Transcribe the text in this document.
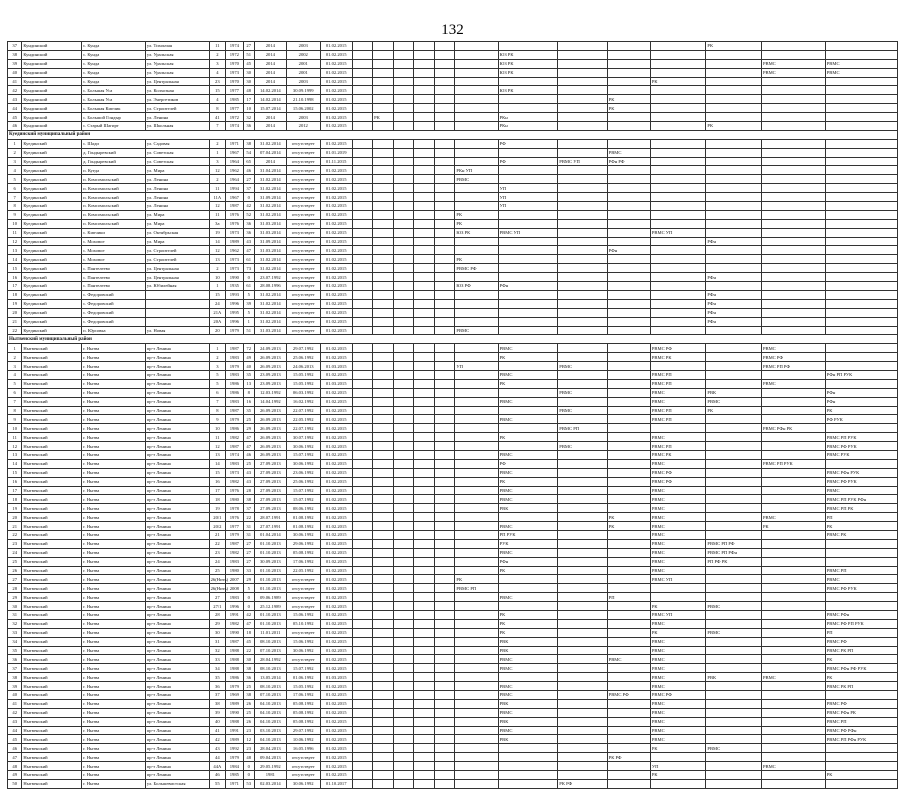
132
37	Кундинский	с. Кунда	ул. Тихончая	11	1974	27	2014	2003	01.02.2015											РК		
38	Кундинский	с. Кунда	ул. Уральская	2	1972	51	2014	2002	01.02.2015							ЮЗ РК						
39	Кундинский	с. Кунда	ул. Уральская	3	1970	45	2014	2001	01.02.2015							ЮЗ РК					РВМС	РВМС
40	Кундинский	с. Кунда	ул. Уральская	4	1973	30	2014	2001	01.02.2015							ЮЗ РК					РВМС	РВМС
41	Кундинский	с. Кунда	ул. Центральная	23	1970	30	2014	2003	01.02.2015										РК			
42	Кундинский	с. Большая Уса	ул. Колхозная	15	1977	48	14.02.2014	30.09.1999	01.02.2015							ЮЗ РК						
43	Кундинский	с. Большая Уса	ул. Энергетиков	4	1985	17	14.02.2014	21.10.1998	01.02.2015									РК				
44	Кундинский	с. Большая Кипчик	ул. Строителей	8	1977	10	15.07.2014	15.06.2002	01.02.2015									РК				
45	Кундинский	с. Большой Гондыр	ул. Ленина	41	1972	32	2014	2003	01.02.2015		РК					РКн						
46	Кундинский	с. Старый Шагирт	ул. Школьная	7	1974	36	2014	2012	01.02.2015							РКн				РК		
Куединский муниципальный район																						
1	Куединский	с. Шади	ул. Садовая	2	1971	38	31.02.2014	отсутствует	01.02.2015							РФ						
2	Куединский	д. Гондыревский	ул. Советская	1	1967	54	07.04.2014	отсутствует	01.01.2019									РВМС				
3	Куединский	д. Гондыревский	ул. Советская	3	1964	65	2014	отсутствует	01.11.2015							РФ	РВМС УП	РФн РФ				
4	Куединский	п. Куеда	ул. Мира	12	1962	46	31.04.2014	отсутствует	01.02.2015						РКн УП							
5	Куединский	п. Комсомольский	ул. Ленина	2	1964	27	31.02.2014	отсутствует	01.02.2015						РВМС							
6	Куединский	п. Комсомольский	ул. Ленина	11	1994	37	31.02.2014	отсутствует	01.02.2015							УП						
7	Куединский	п. Комсомольский	ул. Ленина	11А	1967	0	31.09.2014	отсутствует	01.02.2015							УП						
8	Куединский	п. Комсомольский	ул. Ленина	12	1987	42	31.02.2014	отсутствует	01.02.2015							УП						
9	Куединский	п. Комсомольский	ул. Мира	11	1976	52	31.02.2014	отсутствует	01.02.2015						РК							
10	Куединский	п. Комсомольский	ул. Мира	3а	1976	36	31.03.2014	отсутствует	01.02.2015						РК							
11	Куединский	с. Кипчики	ул. Октябрьская	19	1973	36	31.03.2014	отсутствует	01.02.2015						ЮЗ РК	РВМС УП			РВМС УП			
12	Куединский	с. Моховое	ул. Мира	14	1989	43	31.09.2014	отсутствует	01.02.2015											РФн		
13	Куединский	с. Моховое	ул. Строителей	12	1962	47	31.03.2014	отсутствует	01.02.2015									РФн				
14	Куединский	с. Моховое	ул. Строителей	13	1973	61	31.02.2014	отсутствует	01.02.2015						РК							
15	Куединский	с. Пантелеево	ул. Центральная	2	1973	73	31.02.2014	отсутствует	01.02.2015						РВМС РФ							
16	Куединский	с. Пантелеево	ул. Центральная	10	1990	0	23.07.1992	отсутствует	01.02.2015											РФн		
17	Куединский	с. Пантелеево	ул. Юбилейная	1	1935	61	28.08.1996	отсутствует	01.02.2015						ЮЗ РФ	РФн						
18	Куединский	с. Федоровский		15	1993	5	31.02.2014	отсутствует	01.02.2015											РФн		
19	Куединский	с. Федоровский		24	1996	39	31.02.2014	отсутствует	01.02.2015											РФн		
20	Куединский	с. Федоровский		21А	1995	5	31.02.2014	отсутствует	01.02.2015											РФн		
21	Куединский	с. Федоровский		20А	1996	1	31.02.2014	отсутствует	01.02.2015											РФн		
22	Куединский	п. Юрсовка	ул. Новая	20	1979	51	31.03.2014	отсутствует	01.02.2015						РВМС							
Нытвенский муниципальный район																						
1	Нытвенский	г. Нытва	пр-т Ленина	1	1987	72	24.09.2013	29.07.1992	01.02.2015							РВМС			РВМС РФ		РВМС	
2	Нытвенский	г. Нытва	пр-т Ленина	2	1983	49	26.09.2013	25.06.1992	01.02.2015							РК			РВМС РК		РВМС РФ	
3	Нытвенский	г. Нытва	пр-т Ленина	3	1979	40	26.09.2013	24.06.2013	01.03.2015						УП		РВМС				РВМС РП РФ	
4	Нытвенский	г. Нытва	пр-т Ленина	5	1983	35	23.09.2013	15.05.1992	01.02.2015							РВМС			РВМС РП			РФн РП РУК
5	Нытвенский	г. Нытва	пр-т Ленина	5	1986	13	23.09.2013	15.05.1992	01.03.2015							РК			РВМС РП		РВМС	
6	Нытвенский	г. Нытва	пр-т Ленина	6	1986	8	12.03.1992	06.03.1992	01.02.2015								РВМС		РВМС	РВК		РФн
7	Нытвенский	г. Нытва	пр-т Ленина	7	1983	16	14.04.1992	16.02.1992	01.02.2015							РВМС			РВМС	РВМС		РФн
8	Нытвенский	г. Нытва	пр-т Ленина	8	1987	35	26.09.2013	22.07.1992	01.02.2015								РВМС		РВМС РП	РК		РК
9	Нытвенский	г. Нытва	пр-т Ленина	9	1979	25	26.09.2013	22.05.1992	01.02.2015							РВМС			РВМС РП			РФ РУК
10	Нытвенский	г. Нытва	пр-т Ленина	10	1986	29	26.09.2013	22.07.1992	01.02.2015								РВМС РП				РВМС РФн РК	
11	Нытвенский	г. Нытва	пр-т Ленина	11	1982	47	26.09.2013	30.07.1992	01.02.2015							РК			РВМС			РВМС РП РУК
12	Нытвенский	г. Нытва	пр-т Ленина	12	1987	47	26.09.2013	30.06.1992	01.02.2015								РВМС		РВМС РП			РВМС РФ РУК
13	Нытвенский	г. Нытва	пр-т Ленина	13	1974	46	26.09.2013	15.07.1992	01.02.2015							РВМС			РВМС РК			РВМС РУК
14	Нытвенский	г. Нытва	пр-т Ленина	14	1983	25	27.09.2013	30.06.1992	01.02.2015							РФ			РВМС		РВМС РП РУК	
15	Нытвенский	г. Нытва	пр-т Ленина	15	1973	43	27.09.2013	23.06.1992	01.02.2015							РВМС			РВМС РФ			РВМС РФн РУК
16	Нытвенский	г. Нытва	пр-т Ленина	16	1982	43	27.09.2013	25.06.1992	01.02.2015							РК			РВМС РФ			РВМС РФ РУК
17	Нытвенский	г. Нытва	пр-т Ленина	17	1976	28	27.09.2013	15.07.1992	01.02.2015							РВМС			РВМС			РВМС
18	Нытвенский	г. Нытва	пр-т Ленина	18	1980	38	27.09.2013	15.07.1992	01.02.2015							РВМС			РВМС			РВМС РП РУК РФн
19	Нытвенский	г. Нытва	пр-т Ленина	19	1978	37	27.09.2013	08.06.1992	01.02.2015							РВК			РВМС			РВМС РП РК
20	Нытвенский	г. Нытва	пр-т Ленина	20/1	1976	22	28.07.1991	01.08.1992	01.02.2015									РК	РВМС		РВМС	РП
21	Нытвенский	г. Нытва	пр-т Ленина	20/2	1977	31	27.07.1991	01.08.1992	01.02.2015							РВМС		РК	РВМС		РК	РК
22	Нытвенский	г. Нытва	пр-т Ленина	21	1979	31	01.04.2014	30.06.1992	01.02.2015							РП РУК			РВМС			РВМС РК
23	Нытвенский	г. Нытва	пр-т Ленина	22	1987	27	01.10.2013	29.06.1992	01.02.2015							РУК			РВМС	РВМС РП РФ		
24	Нытвенский	г. Нытва	пр-т Ленина	23	1982	27	01.10.2013	05.08.1992	01.02.2015							РВМС			РВМС	РВМС РП РФн		
25	Нытвенский	г. Нытва	пр-т Ленина	24	1983	27	30.09.2013	17.06.1992	01.02.2015							РФн			РВМС	РП РФ РК		
26	Нытвенский	г. Нытва	пр-т Ленина	25	1980	33	01.10.2013	22.05.1992	01.02.2015							РК			РВМС			РВМС РП
27	Нытвенский	г. Нытва	пр-т Ленина	26(Нить)	2007	29	01.10.2013	отсутствует	01.02.2015						РК				РВМС УП			РВМС
28	Нытвенский	г. Нытва	пр-т Ленина	26(Нить)	2008	5	01.10.2013	отсутствует	01.02.2015						РВМС РП							РВМС РФ РУК
29	Нытвенский	г. Нытва	пр-т Ленина	27	1983	0	09.06.1989	отсутствует	01.02.2015							РВМС		РП				
30	Нытвенский	г. Нытва	пр-т Ленина	27/1	1996	0	25.12.1989	отсутствует	01.02.2015										РК	РВМС		
31	Нытвенский	г. Нытва	пр-т Ленина	28	1991	42	01.10.2013	15.06.1992	01.02.2015							РК			РВМС УП			РВМС РФн
32	Нытвенский	г. Нытва	пр-т Ленина	29	1982	47	01.10.2013	05.10.1992	01.02.2015							РК			РВМС			РВМС РФ РП РУК
33	Нытвенский	г. Нытва	пр-т Ленина	30	1990	18	11.01.2011	отсутствует	01.02.2015							РК			РК	РВМС		РП
34	Нытвенский	г. Нытва	пр-т Ленина	31	1987	45	08.10.2013	15.06.1992	01.02.2015							РВК			РВМС			РВМС РФ
35	Нытвенский	г. Нытва	пр-т Ленина	32	1988	22	07.10.2013	30.06.1992	01.02.2015							РВК			РВМС			РВМС РК РП
36	Нытвенский	г. Нытва	пр-т Ленина	33	1988	30	28.04.1992	отсутствует	01.02.2015							РВМС		РВМС	РВМС			РК
37	Нытвенский	г. Нытва	пр-т Ленина	34	1988	38	08.10.2013	15.07.1992	01.02.2015							РВМС			РВМС			РВМС РФн РФ РУК
38	Нытвенский	г. Нытва	пр-т Ленина	35	1986	36	13.05.2014	01.06.1992	01.03.2015										РВМС	РВК	РВМС	РК
39	Нытвенский	г. Нытва	пр-т Ленина	36	1979	25	08.10.2013	15.05.1992	01.02.2015							РВМС			РВМС			РВМС РК РП
40	Нытвенский	г. Нытва	пр-т Ленина	37	1969	38	07.10.2013	17.06.1992	01.02.2015							РВМС		РВМС РФ	РВМС РФ			
41	Нытвенский	г. Нытва	пр-т Ленина	38	1989	26	04.10.2013	05.08.1992	01.02.2015							РВК			РВМС			РВМС РФ
42	Нытвенский	г. Нытва	пр-т Ленина	39	1990	25	04.10.2013	05.08.1992	01.02.2015							РВМС			РВМС			РВМС РФн РК
43	Нытвенский	г. Нытва	пр-т Ленина	40	1988	26	04.10.2013	05.08.1992	01.02.2015							РВК			РВМС			РВМС РП
44	Нытвенский	г. Нытва	пр-т Ленина	41	1991	23	03.10.2013	29.07.1992	01.02.2015							РВМС			РВМС			РВМС РФ РФн
45	Нытвенский	г. Нытва	пр-т Ленина	42	1989	12	04.10.2013	10.06.1992	01.02.2015							РВК			РВМС			РВМС РП РФн РУК
46	Нытвенский	г. Нытва	пр-т Ленина	43	1992	23	28.04.2013	16.05.1996	01.02.2015										РК	РВМС		
47	Нытвенский	г. Нытва	пр-т Ленина	44	1979	48	09.04.2013	отсутствует	01.02.2015									РК РФ				
48	Нытвенский	г. Нытва	пр-т Ленина	44А	1984	0	29.05.1992	отсутствует	01.02.2015										УП		РВМС	
49	Нытвенский	г. Нытва	пр-т Ленина	46	1985	0	1981	отсутствует	01.02.2015										РК			РК
50	Нытвенский	г. Нытва	ул. Большевистская	55	1971	53	02.03.2014	30.06.1992	01.10.2017								РК РФ					
